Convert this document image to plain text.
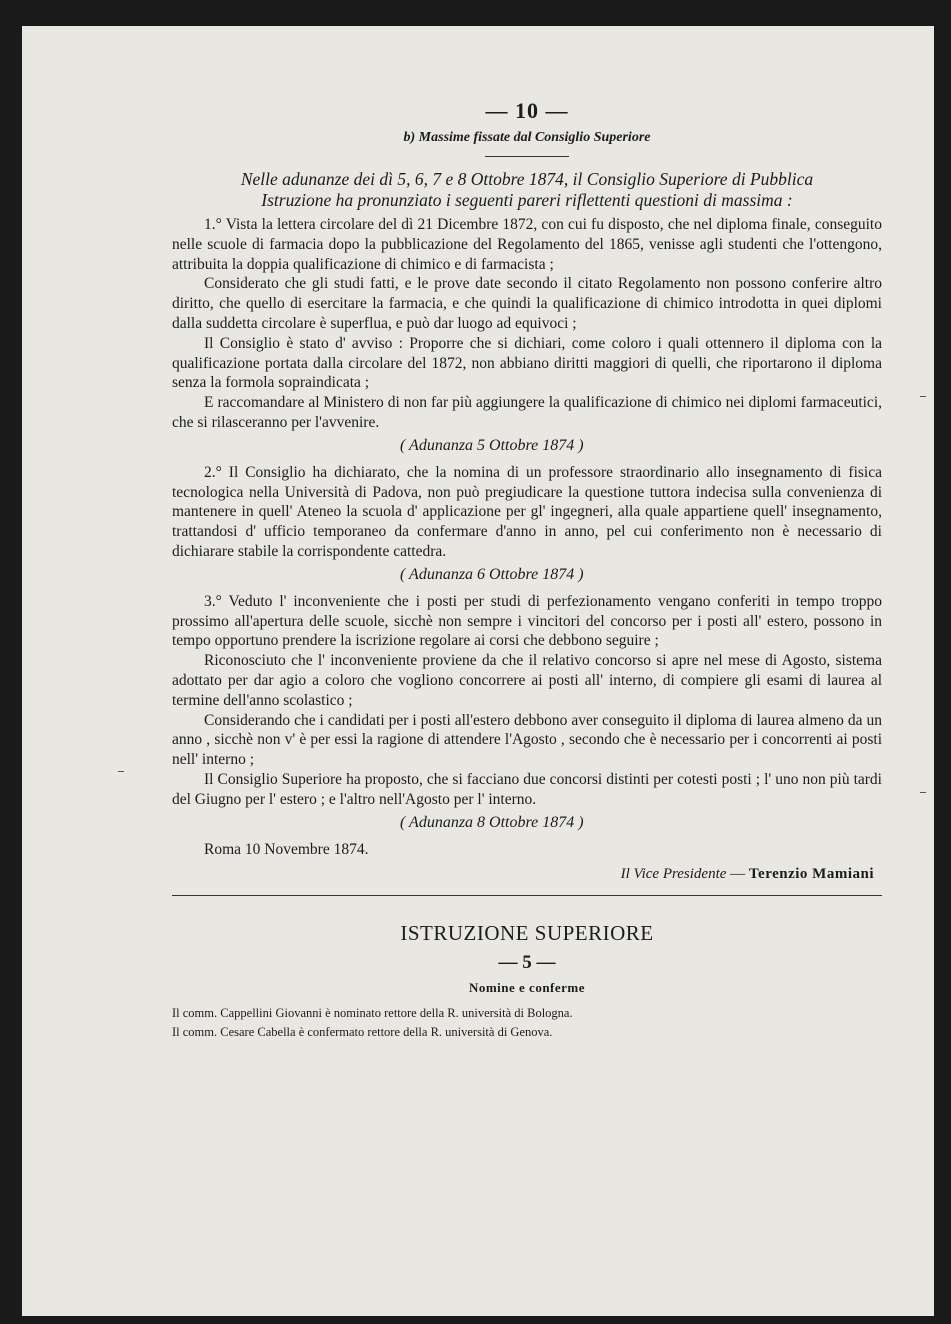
— 10 —
b) Massime fissate dal Consiglio Superiore
Nelle adunanze dei dì 5, 6, 7 e 8 Ottobre 1874, il Consiglio Superiore di Pubblica
Istruzione ha pronunziato i seguenti pareri riflettenti questioni di massima :

1.° Vista la lettera circolare del dì 21 Dicembre 1872, con cui fu disposto, che nel diploma finale, conseguito nelle scuole di farmacia dopo la pubblicazione del Regolamento del 1865, venisse agli studenti che l'ottengono, attribuita la doppia qualificazione di chimico e di farmacista ;

Considerato che gli studi fatti, e le prove date secondo il citato Regolamento non possono conferire altro diritto, che quello di esercitare la farmacia, e che quindi la qualificazione di chimico introdotta in quei diplomi dalla suddetta circolare è superflua, e può dar luogo ad equivoci ;

Il Consiglio è stato d' avviso : Proporre che si dichiari, come coloro i quali ottennero il diploma con la qualificazione portata dalla circolare del 1872, non abbiano diritti maggiori di quelli, che riportarono il diploma senza la formola sopraindicata ;

E raccomandare al Ministero di non far più aggiungere la qualificazione di chimico nei diplomi farmaceutici, che si rilasceranno per l'avvenire.

( Adunanza 5 Ottobre 1874 )

2.° Il Consiglio ha dichiarato, che la nomina di un professore straordinario allo insegnamento di fisica tecnologica nella Università di Padova, non può pregiudicare la questione tuttora indecisa sulla convenienza di mantenere in quell' Ateneo la scuola d' applicazione per gl' ingegneri, alla quale appartiene quell' insegnamento, trattandosi d' ufficio temporaneo da confermare d'anno in anno, pel cui conferimento non è necessario di dichiarare stabile la corrispondente cattedra.

( Adunanza 6 Ottobre 1874 )

3.° Veduto l' inconveniente che i posti per studi di perfezionamento vengano conferiti in tempo troppo prossimo all'apertura delle scuole, sicchè non sempre i vincitori del concorso per i posti all' estero, possono in tempo opportuno prendere la iscrizione regolare ai corsi che debbono seguire ;

Riconosciuto che l' inconveniente proviene da che il relativo concorso si apre nel mese di Agosto, sistema adottato per dar agio a coloro che vogliono concorrere ai posti all' interno, di compiere gli esami di laurea al termine dell'anno scolastico ;

Considerando che i candidati per i posti all'estero debbono aver conseguito il diploma di laurea almeno da un anno , sicchè non v' è per essi la ragione di attendere l'Agosto , secondo che è necessario per i concorrenti ai posti nell' interno ;

Il Consiglio Superiore ha proposto, che si facciano due concorsi distinti per cotesti posti ; l' uno non più tardi del Giugno per l' estero ; e l'altro nell'Agosto per l' interno.

( Adunanza 8 Ottobre 1874 )

Roma 10 Novembre 1874.

Il Vice Presidente — Terenzio Mamiani
ISTRUZIONE SUPERIORE
— 5 —
Nomine e conferme
Il comm. Cappellini Giovanni è nominato rettore della R. università di Bologna.
Il comm. Cesare Cabella è confermato rettore della R. università di Genova.
